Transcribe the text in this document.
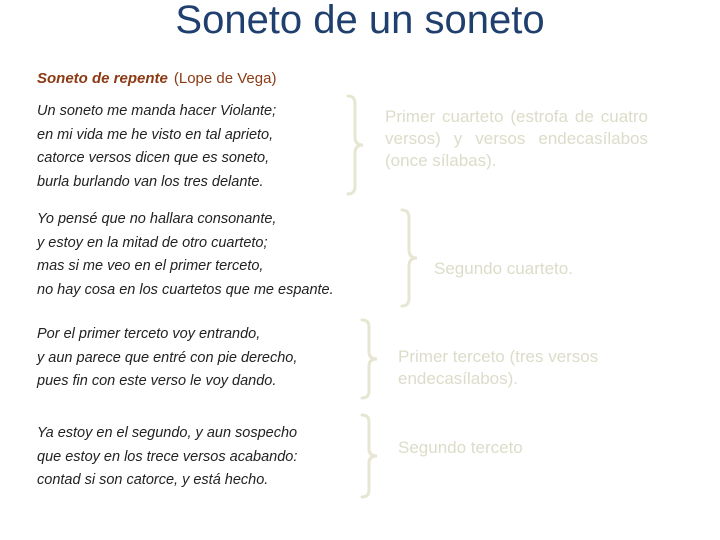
Soneto de un soneto
Soneto de repente (Lope de Vega)
Un soneto me manda hacer Violante;
en mi vida me he visto en tal aprieto,
catorce versos dicen que es soneto,
burla burlando van los tres delante.
Primer cuarteto (estrofa de cuatro versos) y versos endecasílabos (once sílabas).
Yo pensé que no hallara consonante,
y estoy en la mitad de otro cuarteto;
mas si me veo en el primer terceto,
no hay cosa en los cuartetos que me espante.
Segundo cuarteto.
Por el primer terceto voy entrando,
y aun parece que entré con pie derecho,
pues fin con este verso le voy dando.
Primer terceto (tres versos endecasílabos).
Ya estoy en el segundo, y aun sospecho
que estoy en los trece versos acabando:
contad si son catorce, y está hecho.
Segundo terceto
